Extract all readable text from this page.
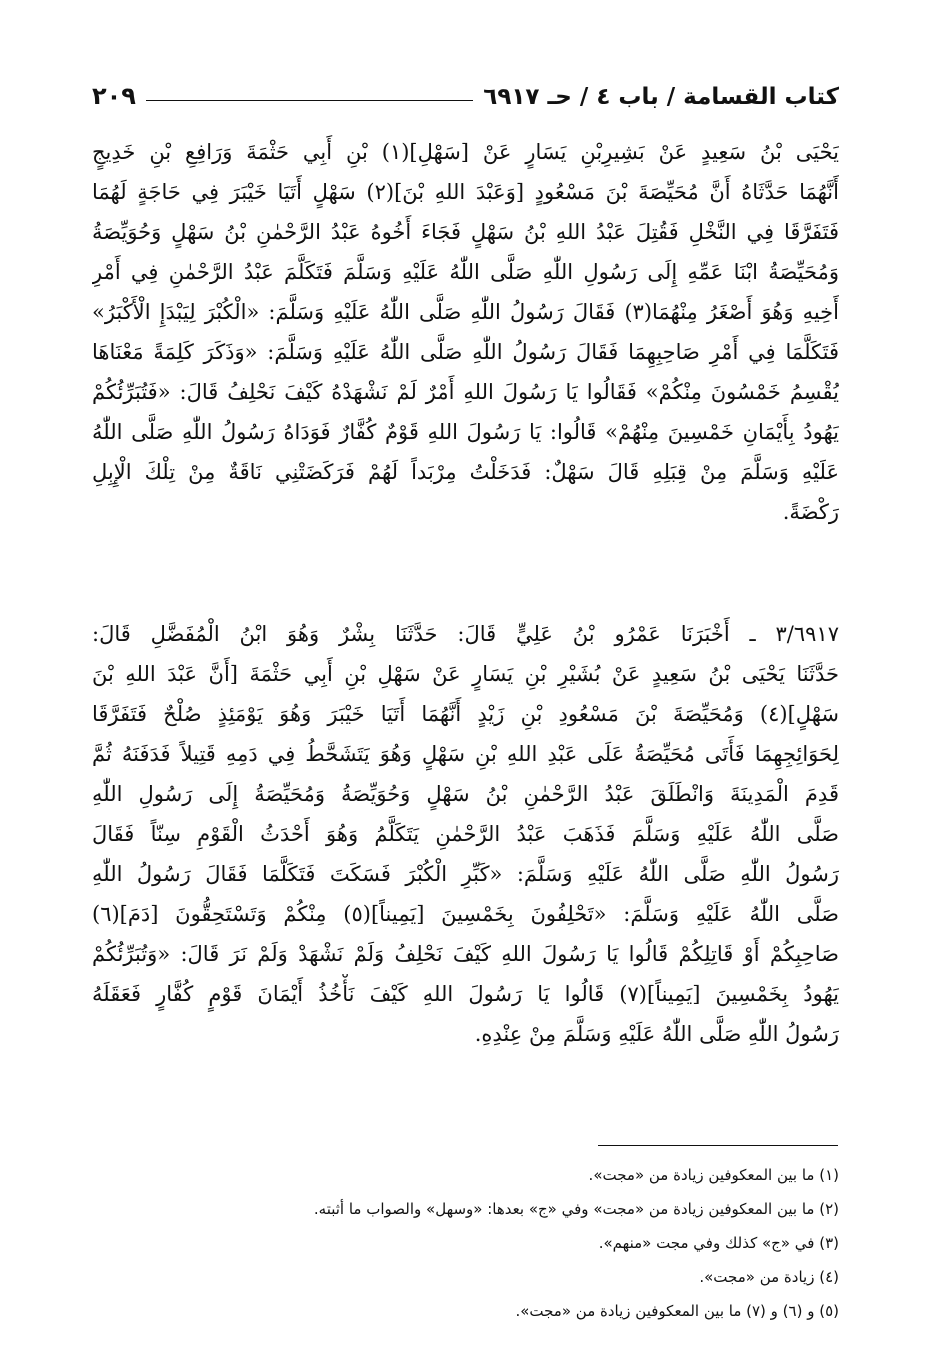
كتاب القسامة / باب ٤ / حـ ٦٩١٧
٢٠٩
يَحْيَى بْنُ سَعِيدٍ عَنْ بَشِيرِبْنِ يَسَارٍ عَنْ [سَهْلِ](١) بْنِ أَبِي حَثْمَةَ وَرَافِعِ بْنِ خَدِيجٍ
أَنَّهُمَا حَدَّثَاهُ أَنَّ مُحَيِّصَةَ بْنَ مَسْعُودٍ [وَعَبْدَ اللهِ بْنَ](٢) سَهْلٍ أَتَيَا خَيْبَرَ فِي حَاجَةٍ لَهُمَا
فَتَفَرَّقَا فِي النَّخْلِ فَقُتِلَ عَبْدُ اللهِ بْنُ سَهْلٍ فَجَاءَ أَخُوهُ عَبْدُ الرَّحْمٰنِ بْنُ سَهْلٍ وَحُوَيِّصَةُ
وَمُحَيِّصَةُ ابْنَا عَمِّهِ إِلَى رَسُولِ اللّٰهِ صَلَّى اللّٰهُ عَلَيْهِ وَسَلَّمَ فَتَكَلَّمَ عَبْدُ الرَّحْمٰنِ فِي أَمْرِ
أَخِيهِ وَهُوَ أَصْغَرُ مِنْهُمَا(٣) فَقَالَ رَسُولُ اللّٰهِ صَلَّى اللّٰهُ عَلَيْهِ وَسَلَّمَ: «الْكُبْرَ لِيَبْدَإِ الْأَكْبَرُ»
فَتَكَلَّمَا فِي أَمْرِ صَاحِبِهِمَا فَقَالَ رَسُولُ اللّٰهِ صَلَّى اللّٰهُ عَلَيْهِ وَسَلَّمَ: «وَذَكَرَ كَلِمَةً مَعْنَاهَا
يُقْسِمُ خَمْسُونَ مِنْكُمْ» فَقَالُوا يَا رَسُولَ اللهِ أَمْرٌ لَمْ نَشْهَدْهُ كَيْفَ نَحْلِفُ قَالَ: «فَتُبَرِّئُكُمْ
يَهُودُ بِأَيْمَانِ خَمْسِينَ مِنْهُمْ» قَالُوا: يَا رَسُولَ اللهِ قَوْمٌ كُفَّارٌ فَوَدَاهُ رَسُولُ اللّٰهِ صَلَّى اللّٰهُ
عَلَيْهِ وَسَلَّمَ مِنْ قِبَلِهِ قَالَ سَهْلٌ: فَدَخَلْتُ مِرْبَداً لَهُمْ فَرَكَضَتْنِي نَاقَةٌ مِنْ تِلْكَ الْإِبِلِ
رَكْضَةً.
٣/٦٩١٧ ـ أَخْبَرَنَا عَمْرُو بْنُ عَلِيٍّ قَالَ: حَدَّثَنَا بِشْرٌ وَهُوَ ابْنُ الْمُفَضَّلِ قَالَ:
حَدَّثَنَا يَحْيَى بْنُ سَعِيدٍ عَنْ بُشَيْرِ بْنِ يَسَارٍ عَنْ سَهْلِ بْنِ أَبِي حَثْمَةَ [أَنَّ عَبْدَ اللهِ بْنَ
سَهْلٍ](٤) وَمُحَيِّصَةَ بْنَ مَسْعُودِ بْنِ زَيْدٍ أَنَّهُمَا أَتَيَا خَيْبَرَ وَهُوَ يَوْمَئِذٍ صُلْحٌ فَتَفَرَّقَا
لِحَوَائِجِهِمَا فَأَتَى مُحَيِّصَةُ عَلَى عَبْدِ اللهِ بْنِ سَهْلٍ وَهُوَ يَتَشَحَّطُ فِي دَمِهِ قَتِيلاً فَدَفَنَهُ ثُمَّ
قَدِمَ الْمَدِينَةَ وَانْطَلَقَ عَبْدُ الرَّحْمٰنِ بْنُ سَهْلٍ وَحُوَيِّصَةُ وَمُحَيِّصَةُ إِلَى رَسُولِ اللّٰهِ
صَلَّى اللّٰهُ عَلَيْهِ وَسَلَّمَ فَذَهَبَ عَبْدُ الرَّحْمٰنِ يَتَكَلَّمُ وَهُوَ أَحْدَثُ الْقَوْمِ سِنّاً فَقَالَ
رَسُولُ اللّٰهِ صَلَّى اللّٰهُ عَلَيْهِ وَسَلَّمَ: «كَبِّرِ الْكُبْرَ فَسَكَتَ فَتَكَلَّمَا فَقَالَ رَسُولُ اللّٰهِ
صَلَّى اللّٰهُ عَلَيْهِ وَسَلَّمَ: «تَحْلِفُونَ بِخَمْسِينَ [يَمِيناً](٥) مِنْكُمْ وَتَسْتَحِقُّونَ [دَمَ](٦)
صَاحِبِكُمْ أَوْ قَاتِلِكُمْ قَالُوا يَا رَسُولَ اللهِ كَيْفَ نَحْلِفُ وَلَمْ نَشْهَدْ وَلَمْ نَرَ قَالَ: «وَتُبَرِّئُكُمْ
يَهُودُ بِخَمْسِينَ [يَمِيناً](٧) قَالُوا يَا رَسُولَ اللهِ كَيْفَ نَأْخُذُ أَيْمَانَ قَوْمٍ كُفَّارٍ فَعَقَلَهُ
رَسُولُ اللّٰهِ صَلَّى اللّٰهُ عَلَيْهِ وَسَلَّمَ مِنْ عِنْدِهِ.
(١) ما بين المعكوفين زيادة من «مجت».
(٢) ما بين المعكوفين زيادة من «مجت» وفي «ج» بعدها: «وسهل» والصواب ما أثبته.
(٣) في «ج» كذلك وفي مجت «منهم».
(٤) زيادة من «مجت».
(٥) و (٦) و (٧) ما بين المعكوفين زيادة من «مجت».
